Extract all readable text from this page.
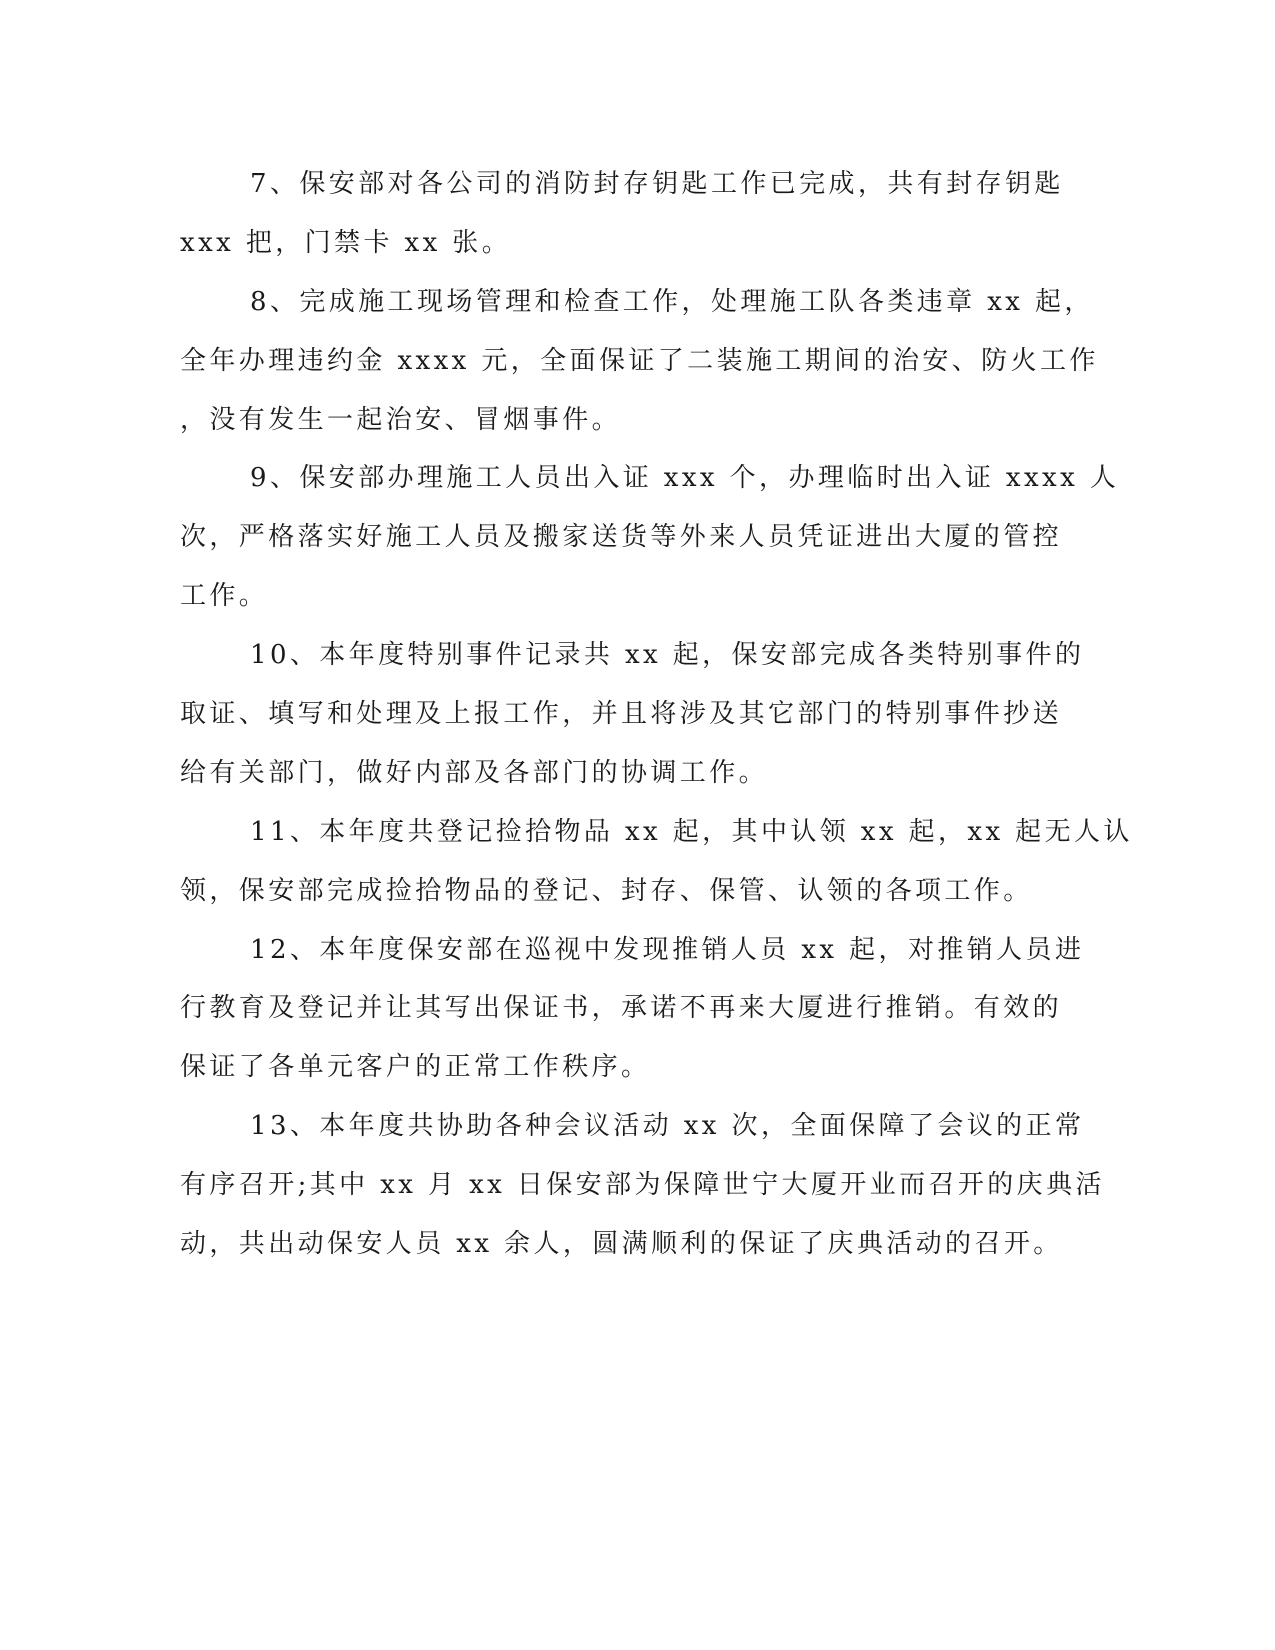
7、保安部对各公司的消防封存钥匙工作已完成，共有封存钥匙
xxx 把，门禁卡 xx 张。
8、完成施工现场管理和检查工作，处理施工队各类违章 xx 起，
全年办理违约金 xxxx 元，全面保证了二装施工期间的治安、防火工作
，没有发生一起治安、冒烟事件。
9、保安部办理施工人员出入证 xxx 个，办理临时出入证 xxxx 人
次，严格落实好施工人员及搬家送货等外来人员凭证进出大厦的管控
工作。
10、本年度特别事件记录共 xx 起，保安部完成各类特别事件的
取证、填写和处理及上报工作，并且将涉及其它部门的特别事件抄送
给有关部门，做好内部及各部门的协调工作。
11、本年度共登记捡拾物品 xx 起，其中认领 xx 起，xx 起无人认
领，保安部完成捡拾物品的登记、封存、保管、认领的各项工作。
12、本年度保安部在巡视中发现推销人员 xx 起，对推销人员进
行教育及登记并让其写出保证书，承诺不再来大厦进行推销。有效的
保证了各单元客户的正常工作秩序。
13、本年度共协助各种会议活动 xx 次，全面保障了会议的正常
有序召开;其中 xx 月 xx 日保安部为保障世宁大厦开业而召开的庆典活
动，共出动保安人员 xx 余人，圆满顺利的保证了庆典活动的召开。
